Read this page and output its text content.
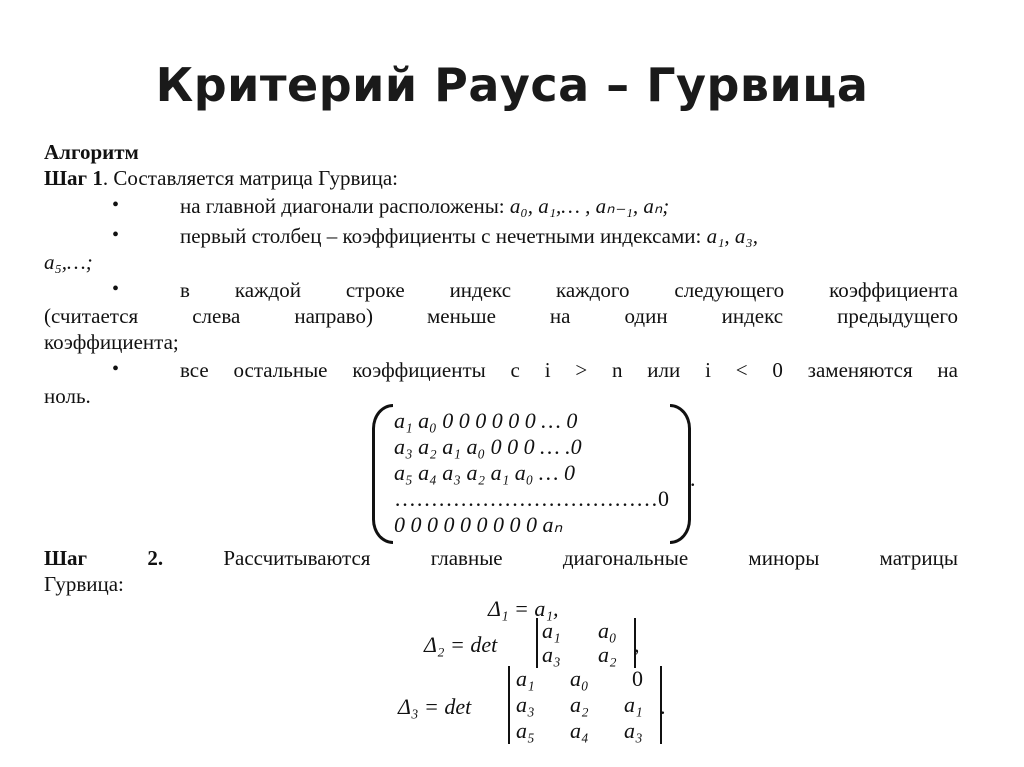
Критерий Рауса – Гурвица
Алгоритм
Шаг 1. Составляется матрица Гурвица:
•	на главной диагонали расположены: a₀, a₁,… , aₙ₋₁, aₙ;
•	первый столбец – коэффициенты с нечетными индексами: a₁, a₃,
a₅,…;
•	в каждой строке индекс каждого следующего коэффициента
(считается слева направо) меньше на один индекс предыдущего
коэффициента;
•	все остальные коэффициенты с i > n или i < 0 заменяются на
ноль.
a₁ a₀ 0 0 0 0 0 0 … 0
a₃ a₂ a₁ a₀ 0 0 0 … .0
a₅ a₄ a₃ a₂ a₁ a₀ … 0
………………………………0
0 0 0 0 0 0 0 0 0 aₙ
.
Шаг 2.	Рассчитываются главные диагональные миноры матрицы
Гурвица:
Δ₁ = a₁,
Δ₂ = det
a₁ a₀
a₃ a₂ ,
Δ₃ = det
a₁ a₀ 0
a₃ a₂ a₁
a₅ a₄ a₃
.
